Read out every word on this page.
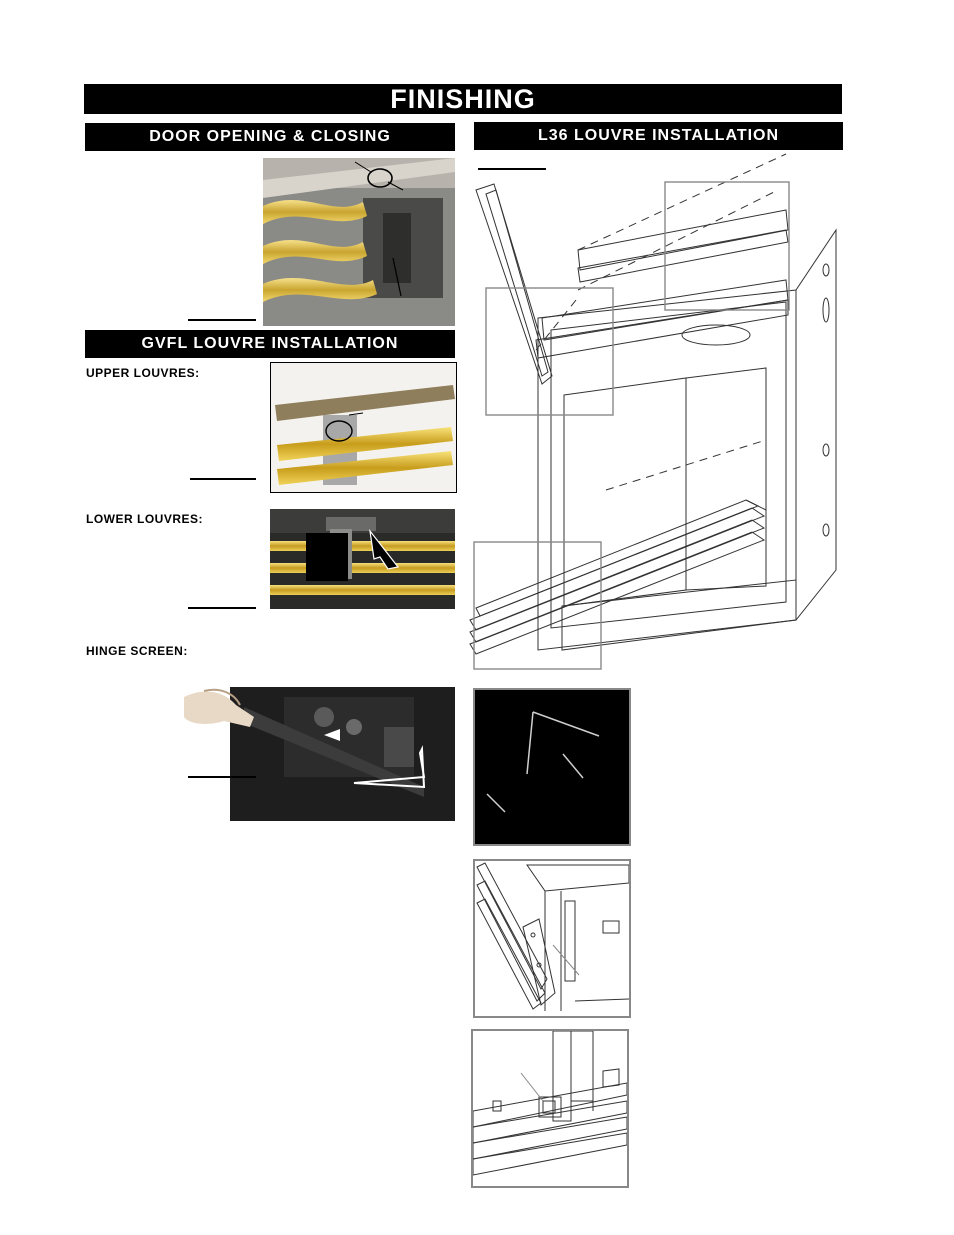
FINISHING
DOOR OPENING & CLOSING	L36 LOUVRE INSTALLATION
GVFL LOUVRE INSTALLATION
UPPER LOUVRES:
LOWER LOUVRES:
HINGE SCREEN:
